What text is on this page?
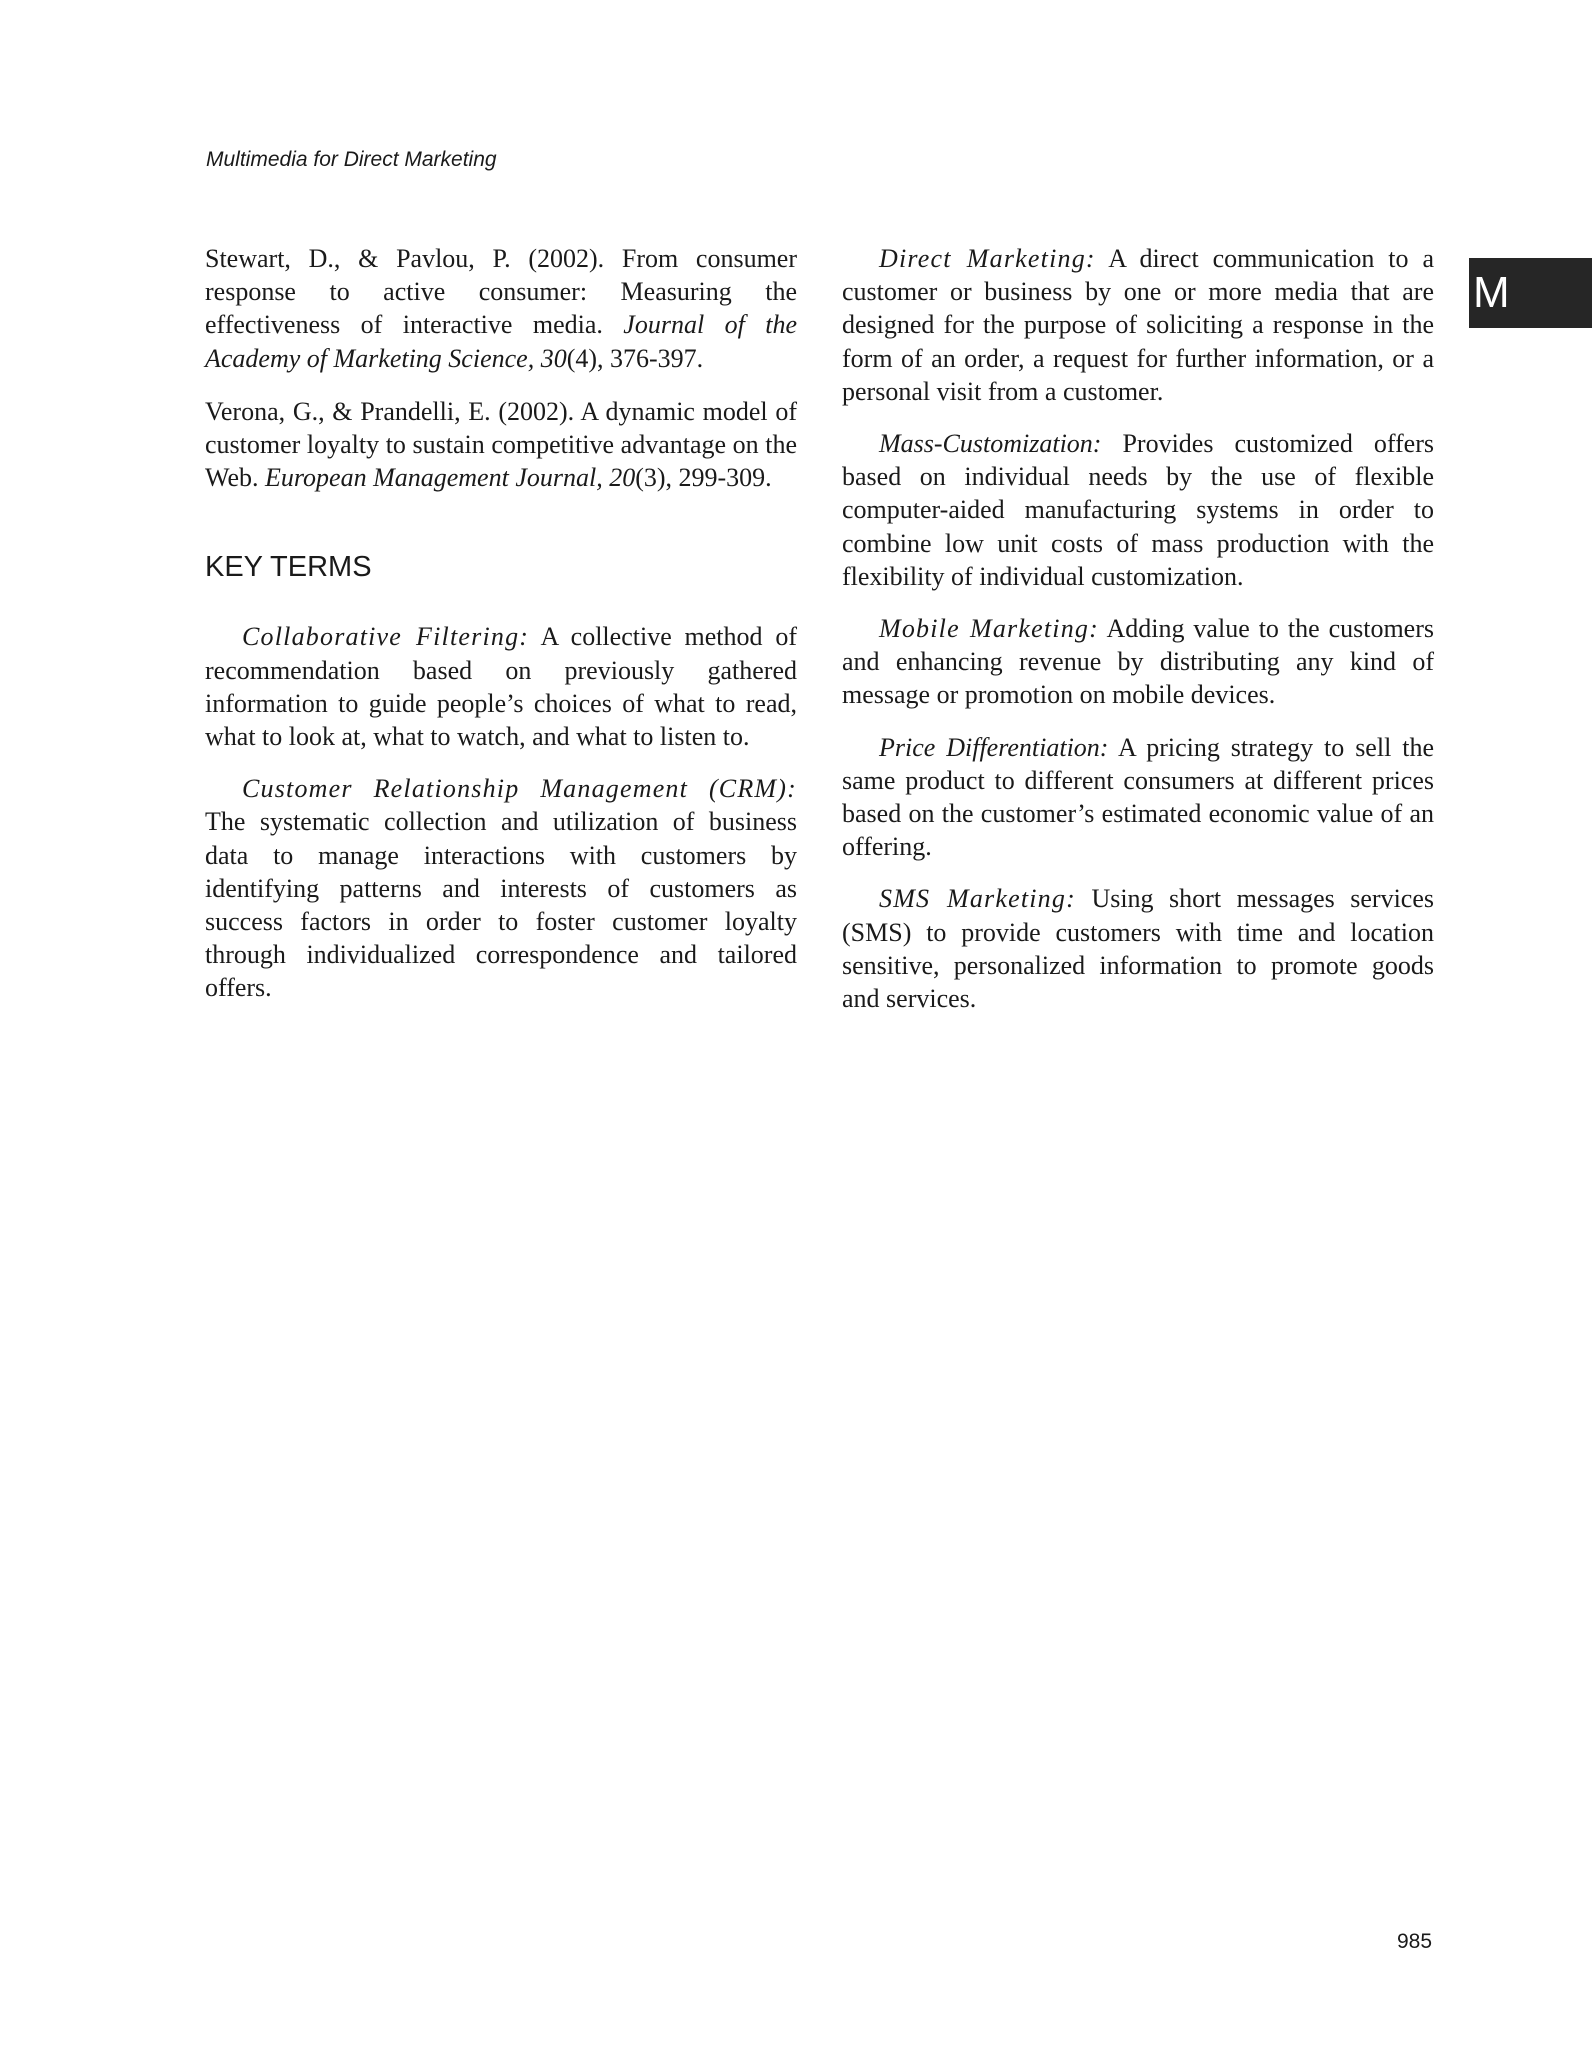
Multimedia for Direct Marketing
M

Stewart, D., & Pavlou, P. (2002). From consumer response to active consumer: Measuring the effectiveness of interactive media. Journal of the Academy of Marketing Science, 30(4), 376-397.

Verona, G., & Prandelli, E. (2002). A dynamic model of customer loyalty to sustain competitive advantage on the Web. European Management Journal, 20(3), 299-309.

KEY TERMS

Collaborative Filtering: A collective method of recommendation based on previously gathered information to guide people’s choices of what to read, what to look at, what to watch, and what to listen to.

Customer Relationship Management (CRM): The systematic collection and utilization of business data to manage interactions with customers by identifying patterns and interests of customers as success factors in order to foster customer loyalty through individualized correspondence and tailored offers.

Direct Marketing: A direct communication to a customer or business by one or more media that are designed for the purpose of soliciting a response in the form of an order, a request for further information, or a personal visit from a customer.

Mass-Customization: Provides customized offers based on individual needs by the use of flexible computer-aided manufacturing systems in order to combine low unit costs of mass production with the flexibility of individual customization.

Mobile Marketing: Adding value to the customers and enhancing revenue by distributing any kind of message or promotion on mobile devices.

Price Differentiation: A pricing strategy to sell the same product to different consumers at different prices based on the customer’s estimated economic value of an offering.

SMS Marketing: Using short messages services (SMS) to provide customers with time and location sensitive, personalized information to promote goods and services.

985
